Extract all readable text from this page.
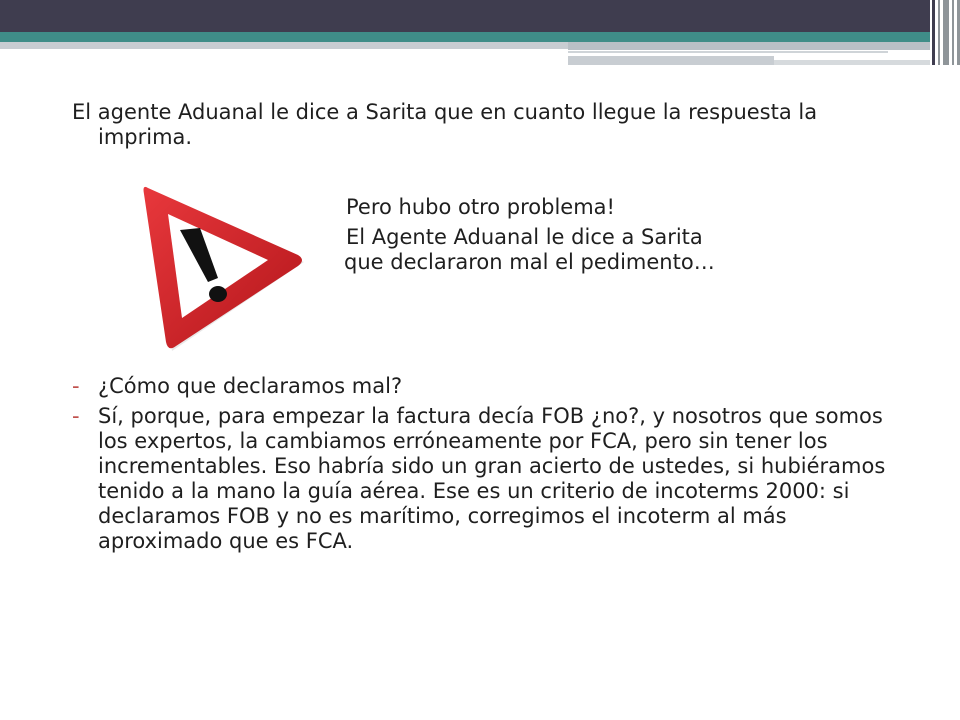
El agente Aduanal le dice a Sarita que en cuanto llegue la respuesta la
imprima.
Pero hubo otro problema!
El Agente Aduanal le dice a Sarita
que declararon mal el pedimento…
- ¿Cómo que declaramos mal?
- Sí, porque, para empezar la factura decía FOB ¿no?, y nosotros que somos los expertos, la cambiamos erróneamente por FCA, pero sin tener los incrementables. Eso habría sido un gran acierto de ustedes, si hubiéramos tenido a la mano la guía aérea. Ese es un criterio de incoterms 2000: si declaramos FOB y no es marítimo, corregimos el incoterm al más aproximado que es FCA.
